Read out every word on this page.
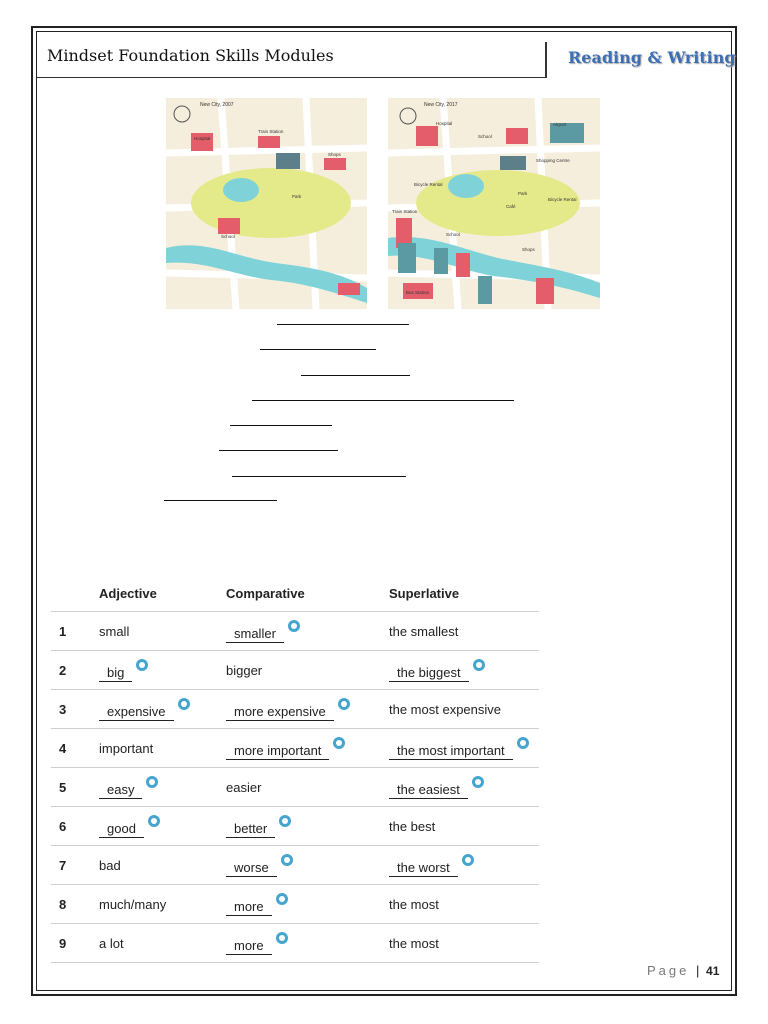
Mindset Foundation Skills Modules	Reading & Writing
New City, 2007
Hospital
Train Station
Shops
Park
School
New City, 2017
Hospital
School
Airport
Shopping Centre
Bicycle Rental
Park
Café
Bicycle Rental
Train Station
School
Shops
Bus Station
	Adjective	Comparative	Superlative
1	small	smaller	the smallest
2	big	bigger	the biggest
3	expensive	more expensive	the most expensive
4	important	more important	the most important
5	easy	easier	the easiest
6	good	better	the best
7	bad	worse	the worst
8	much/many	more	the most
9	a lot	more	the most
Page | 41
